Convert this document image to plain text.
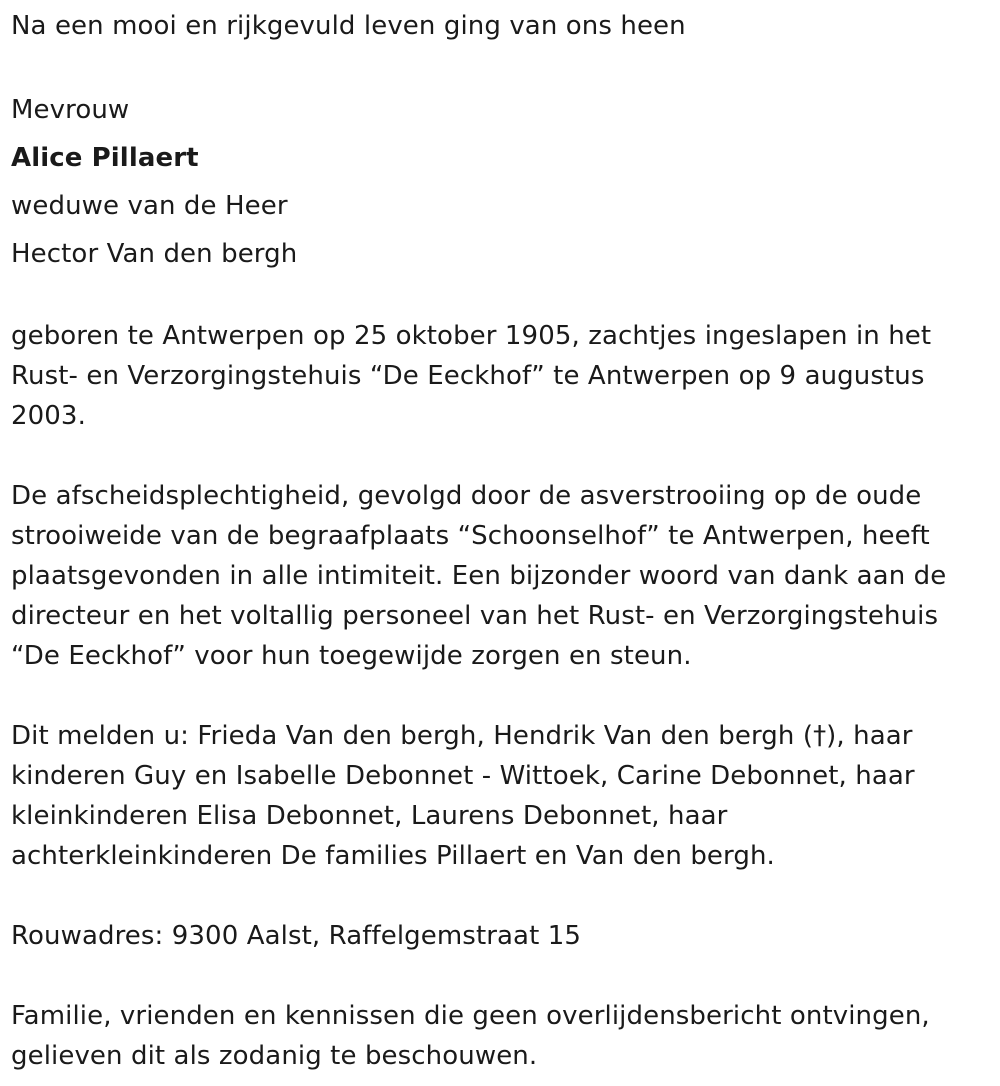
Na een mooi en rijkgevuld leven ging van ons heen

Mevrouw

Alice Pillaert

weduwe van de Heer

Hector Van den bergh

geboren te Antwerpen op 25 oktober 1905, zachtjes ingeslapen in het Rust- en Verzorgingstehuis “De Eeckhof” te Antwerpen op 9 augustus 2003.

De afscheidsplechtigheid, gevolgd door de asverstrooiing op de oude strooiweide van de begraafplaats “Schoonselhof” te Antwerpen, heeft plaatsgevonden in alle intimiteit. Een bijzonder woord van dank aan de directeur en het voltallig personeel van het Rust- en Verzorgingstehuis “De Eeckhof” voor hun toegewijde zorgen en steun.

Dit melden u: Frieda Van den bergh, Hendrik Van den bergh (†), haar kinderen Guy en Isabelle Debonnet - Wittoek, Carine Debonnet, haar kleinkinderen Elisa Debonnet, Laurens Debonnet, haar achterkleinkinderen De families Pillaert en Van den bergh.

Rouwadres: 9300 Aalst, Raffelgemstraat 15

Familie, vrienden en kennissen die geen overlijdensbericht ontvingen, gelieven dit als zodanig te beschouwen.
